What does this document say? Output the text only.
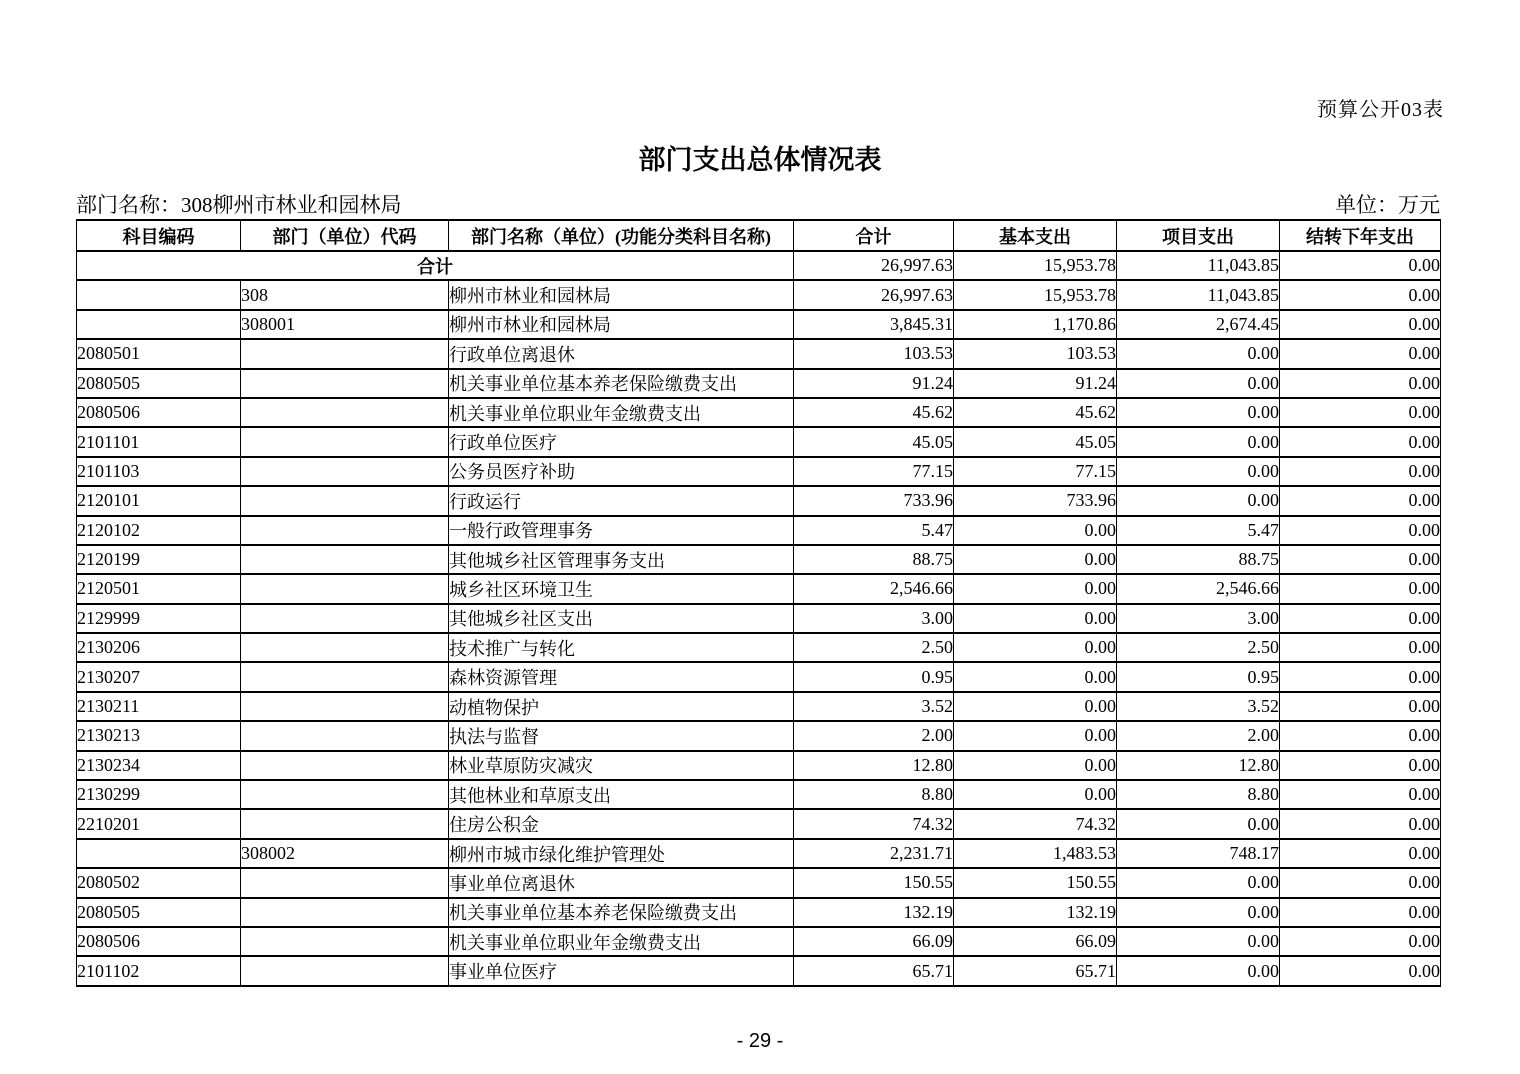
预算公开03表
部门支出总体情况表
部门名称：308柳州市林业和园林局	单位：万元
科目编码	部门（单位）代码	部门名称（单位）(功能分类科目名称)	合计	基本支出	项目支出	结转下年支出
合计			26,997.63	15,953.78	11,043.85	0.00
	308	柳州市林业和园林局	26,997.63	15,953.78	11,043.85	0.00
	308001	柳州市林业和园林局	3,845.31	1,170.86	2,674.45	0.00
2080501		行政单位离退休	103.53	103.53	0.00	0.00
2080505		机关事业单位基本养老保险缴费支出	91.24	91.24	0.00	0.00
2080506		机关事业单位职业年金缴费支出	45.62	45.62	0.00	0.00
2101101		行政单位医疗	45.05	45.05	0.00	0.00
2101103		公务员医疗补助	77.15	77.15	0.00	0.00
2120101		行政运行	733.96	733.96	0.00	0.00
2120102		一般行政管理事务	5.47	0.00	5.47	0.00
2120199		其他城乡社区管理事务支出	88.75	0.00	88.75	0.00
2120501		城乡社区环境卫生	2,546.66	0.00	2,546.66	0.00
2129999		其他城乡社区支出	3.00	0.00	3.00	0.00
2130206		技术推广与转化	2.50	0.00	2.50	0.00
2130207		森林资源管理	0.95	0.00	0.95	0.00
2130211		动植物保护	3.52	0.00	3.52	0.00
2130213		执法与监督	2.00	0.00	2.00	0.00
2130234		林业草原防灾减灾	12.80	0.00	12.80	0.00
2130299		其他林业和草原支出	8.80	0.00	8.80	0.00
2210201		住房公积金	74.32	74.32	0.00	0.00
	308002	柳州市城市绿化维护管理处	2,231.71	1,483.53	748.17	0.00
2080502		事业单位离退休	150.55	150.55	0.00	0.00
2080505		机关事业单位基本养老保险缴费支出	132.19	132.19	0.00	0.00
2080506		机关事业单位职业年金缴费支出	66.09	66.09	0.00	0.00
2101102		事业单位医疗	65.71	65.71	0.00	0.00
- 29 -
